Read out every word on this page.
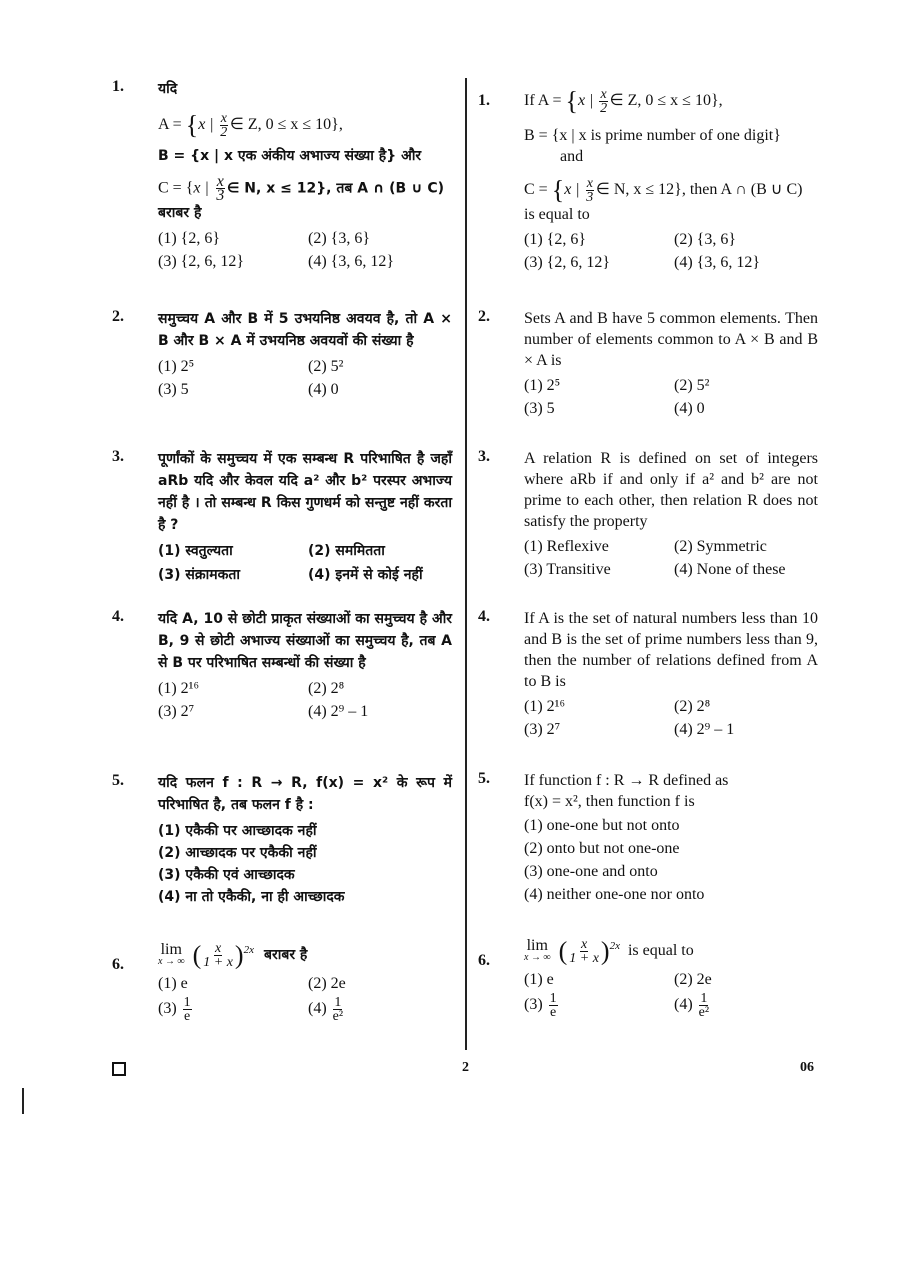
1. यदि
A = {x | $\frac{x}{2}$ ∈ Z, 0 ≤ x ≤ 10},
B = {x | x एक अंकीय अभाज्य संख्या है} और
C = {x | $\frac{x}{3}$ ∈ N, x ≤ 12}, तब A ∩ (B ∪ C)
बराबर है
(1) {2, 6}	(2) {3, 6}
(3) {2, 6, 12}	(4) {3, 6, 12}
2. समुच्चय A और B में 5 उभयनिष्ठ अवयव है, तो A × B और B × A में उभयनिष्ठ अवयवों की संख्या है
(1) 2⁵	(2) 5²
(3) 5	(4) 0
3. पूर्णांकों के समुच्चय में एक सम्बन्ध R परिभाषित है जहाँ aRb यदि और केवल यदि a² और b² परस्पर अभाज्य नहीं है । तो सम्बन्ध R किस गुणधर्म को सन्तुष्ट नहीं करता है ?
(1) स्वतुल्यता	(2) सममितता
(3) संक्रामकता	(4) इनमें से कोई नहीं
4. यदि A, 10 से छोटी प्राकृत संख्याओं का समुच्चय है और B, 9 से छोटी अभाज्य संख्याओं का समुच्चय है, तब A से B पर परिभाषित सम्बन्धों की संख्या है
(1) 2¹⁶	(2) 2⁸
(3) 2⁷	(4) 2⁹ – 1
5. यदि फलन f : R → R, f(x) = x² के रूप में परिभाषित है, तब फलन f है :
(1) एकैकी पर आच्छादक नहीं
(2) आच्छादक पर एकैकी नहीं
(3) एकैकी एवं आच्छादक
(4) ना तो एकैकी, ना ही आच्छादक
6.
lim
x → ∞ ( $\frac{x}{1 + x} )^{2x}$ बराबर है
(1) e	(2) 2e
$(3) \frac{1}{e}$	$(4) \frac{1}{\text{e²}}$
1. If A = {x | $\frac{x}{2}$ ∈ Z, 0 ≤ x ≤ 10},
B = {x | x is prime number of one digit}
and
C = {x | $\frac{x}{3}$ ∈ N, x ≤ 12}, then A ∩ (B ∪ C)
is equal to
(1) {2, 6}	(2) {3, 6}
(3) {2, 6, 12}	(4) {3, 6, 12}
2. Sets A and B have 5 common elements. Then number of elements common to A × B and B × A is
(1) 2⁵	(2) 5²
(3) 5	(4) 0
3. A relation R is defined on set of integers where aRb if and only if a² and b² are not prime to each other, then relation R does not satisfy the property
(1) Reflexive	(2) Symmetric
(3) Transitive	(4) None of these
4. If A is the set of natural numbers less than 10 and B is the set of prime numbers less than 9, then the number of relations defined from A to B is
(1) 2¹⁶	(2) 2⁸
(3) 2⁷	(4) 2⁹ – 1
5. If function f : R → R defined as
f(x) = x², then function f is
(1) one-one but not onto
(2) onto but not one-one
(3) one-one and onto
(4) neither one-one nor onto
6.
lim
x → ∞ ( $\frac{x}{1 + x} )^{2x}$ is equal to
(1) e	(2) 2e
$(3) \frac{1}{e}$	$(4) \frac{1}{\text{e²}}$
2	06
